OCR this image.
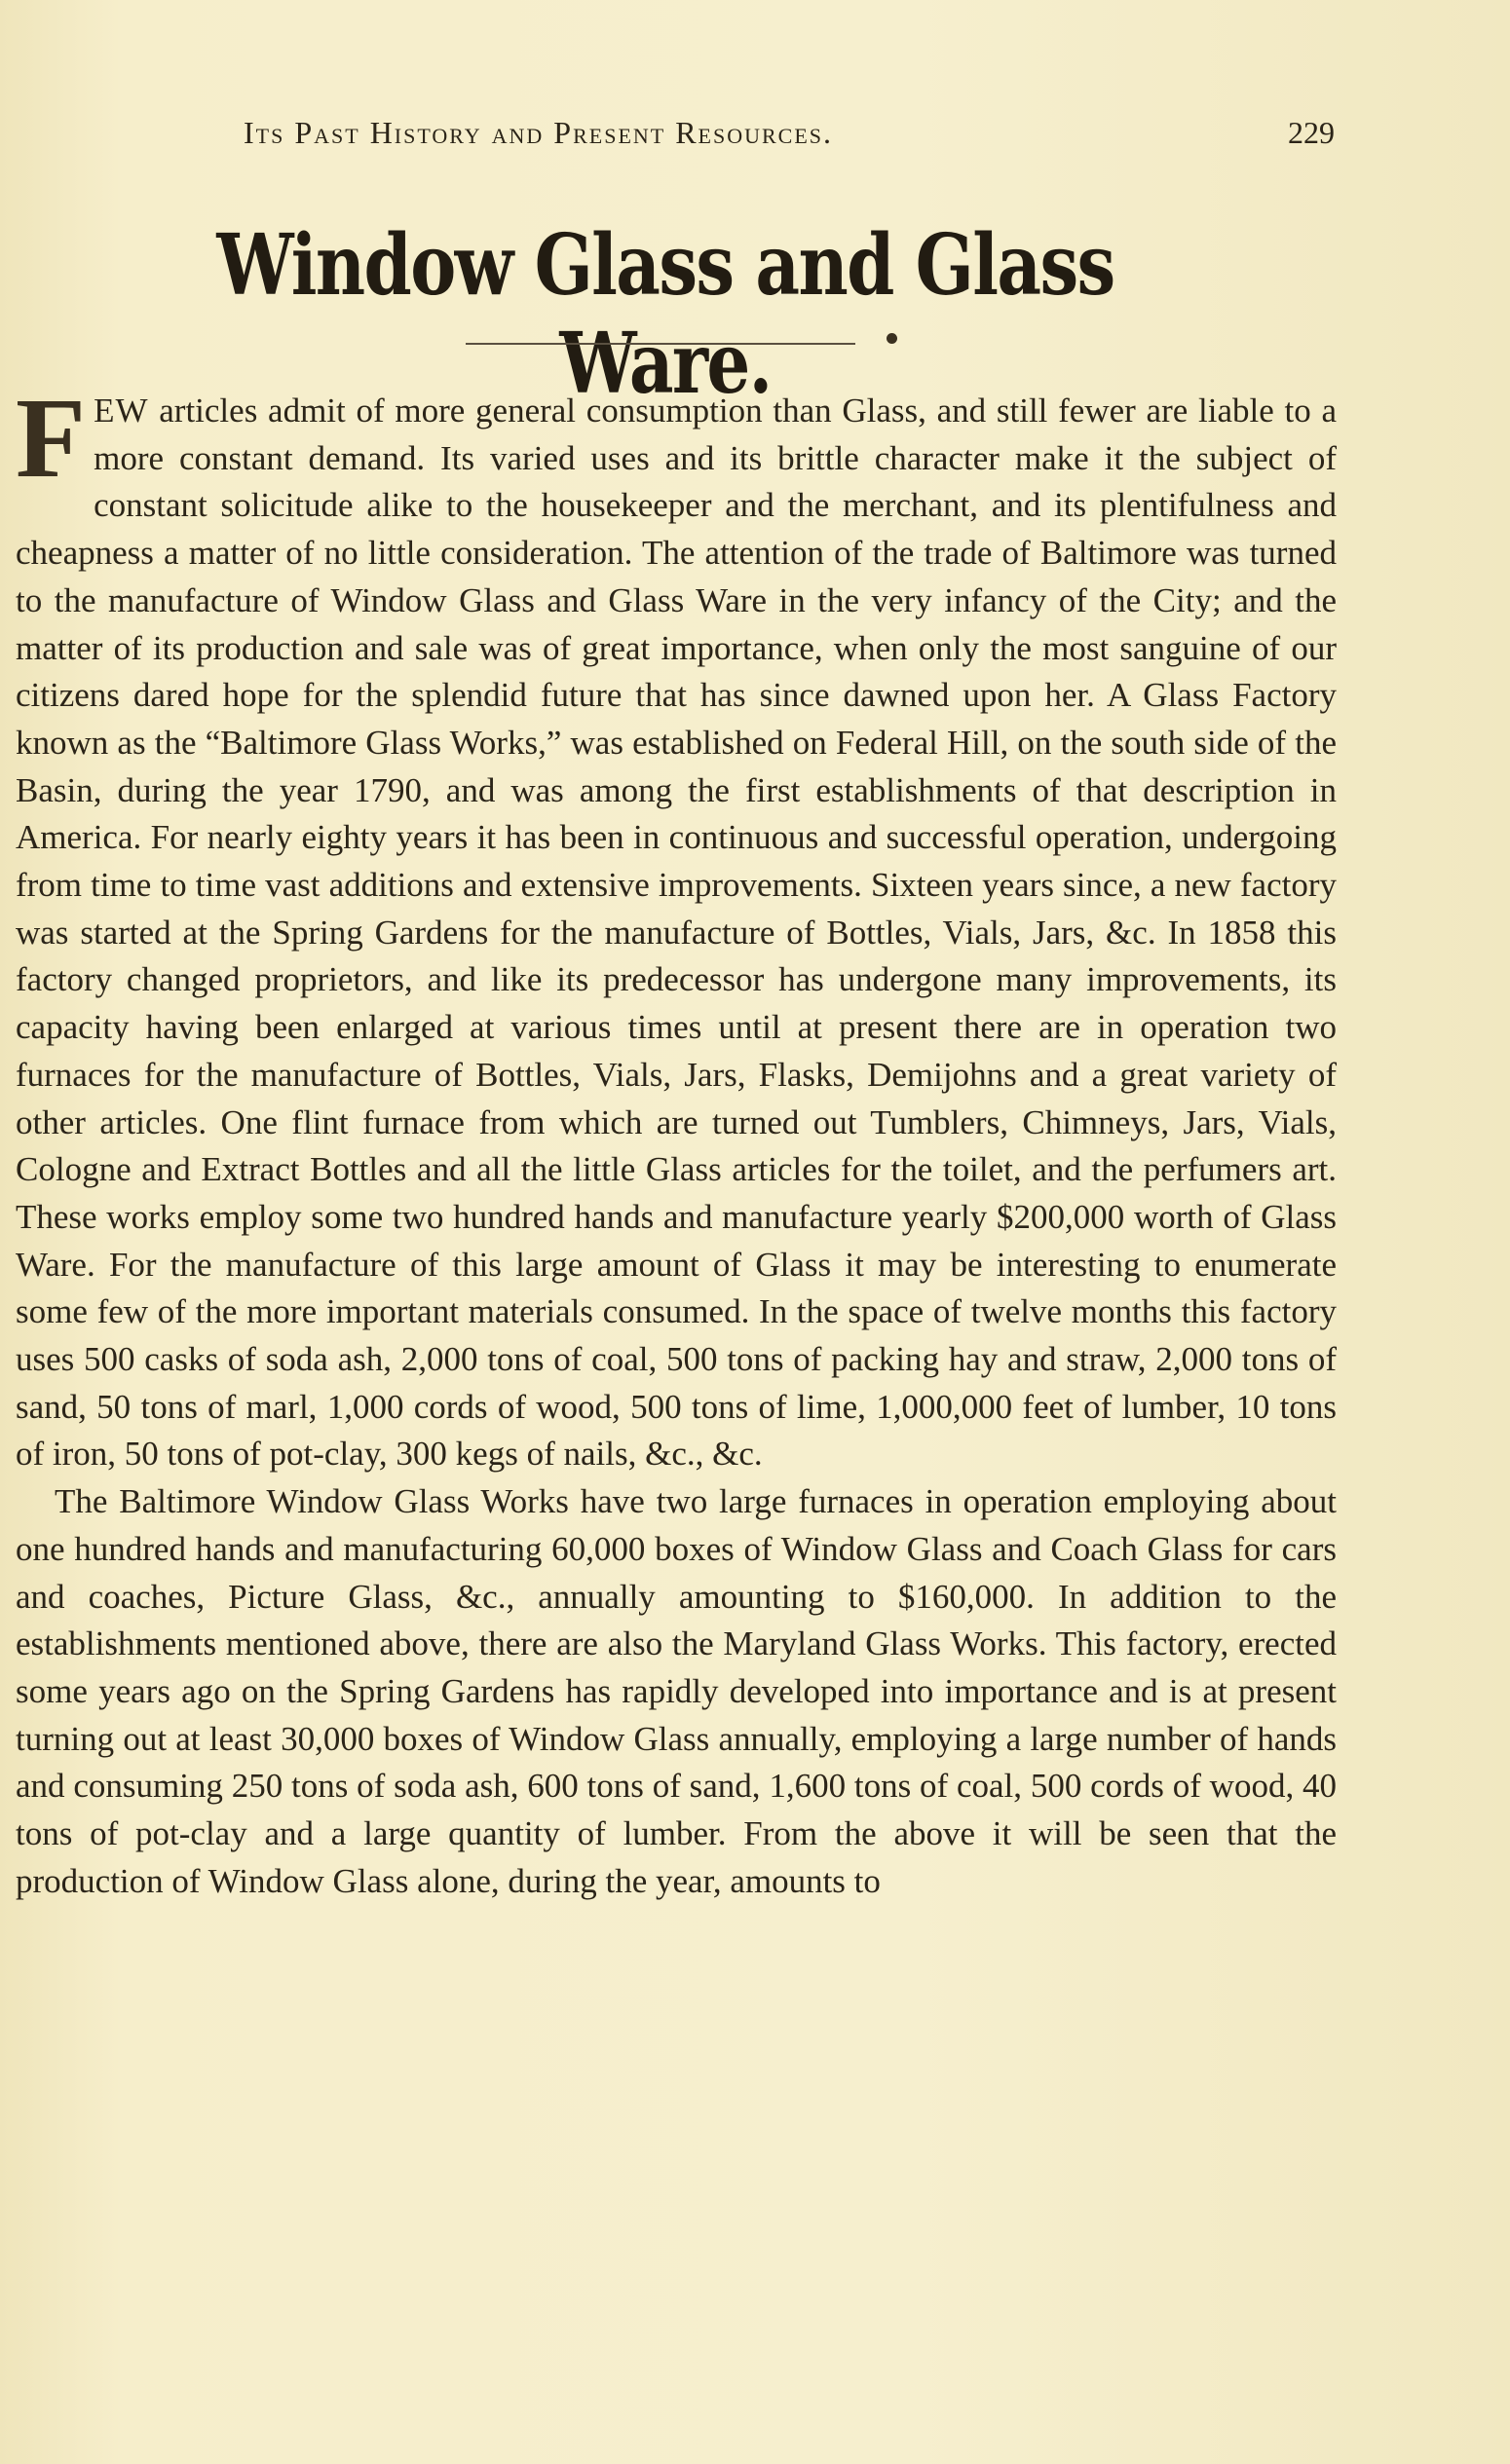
Its Past History and Present Resources.	229
Window Glass and Glass Ware.

FEW articles admit of more general consumption than Glass, and still fewer are liable to a more constant demand. Its varied uses and its brittle character make it the subject of constant solicitude alike to the housekeeper and the merchant, and its plentifulness and cheapness a matter of no little consideration. The attention of the trade of Baltimore was turned to the manufacture of Window Glass and Glass Ware in the very infancy of the City; and the matter of its production and sale was of great importance, when only the most sanguine of our citizens dared hope for the splendid future that has since dawned upon her. A Glass Factory known as the “Baltimore Glass Works,” was established on Federal Hill, on the south side of the Basin, during the year 1790, and was among the first establishments of that description in America. For nearly eighty years it has been in continuous and successful operation, undergoing from time to time vast additions and extensive improvements. Sixteen years since, a new factory was started at the Spring Gardens for the manufacture of Bottles, Vials, Jars, &c. In 1858 this factory changed proprietors, and like its predecessor has undergone many improvements, its capacity having been enlarged at various times until at present there are in operation two furnaces for the manufacture of Bottles, Vials, Jars, Flasks, Demijohns and a great variety of other articles. One flint furnace from which are turned out Tumblers, Chimneys, Jars, Vials, Cologne and Extract Bottles and all the little Glass articles for the toilet, and the perfumers art. These works employ some two hundred hands and manufacture yearly $200,000 worth of Glass Ware. For the manufacture of this large amount of Glass it may be interesting to enumerate some few of the more important materials consumed. In the space of twelve months this factory uses 500 casks of soda ash, 2,000 tons of coal, 500 tons of packing hay and straw, 2,000 tons of sand, 50 tons of marl, 1,000 cords of wood, 500 tons of lime, 1,000,000 feet of lumber, 10 tons of iron, 50 tons of pot-clay, 300 kegs of nails, &c., &c.

The Baltimore Window Glass Works have two large furnaces in operation employing about one hundred hands and manufacturing 60,000 boxes of Window Glass and Coach Glass for cars and coaches, Picture Glass, &c., annually amounting to $160,000. In addition to the establishments mentioned above, there are also the Maryland Glass Works. This factory, erected some years ago on the Spring Gardens has rapidly developed into importance and is at present turning out at least 30,000 boxes of Window Glass annually, employing a large number of hands and consuming 250 tons of soda ash, 600 tons of sand, 1,600 tons of coal, 500 cords of wood, 40 tons of pot-clay and a large quantity of lumber. From the above it will be seen that the production of Window Glass alone, during the year, amounts to
